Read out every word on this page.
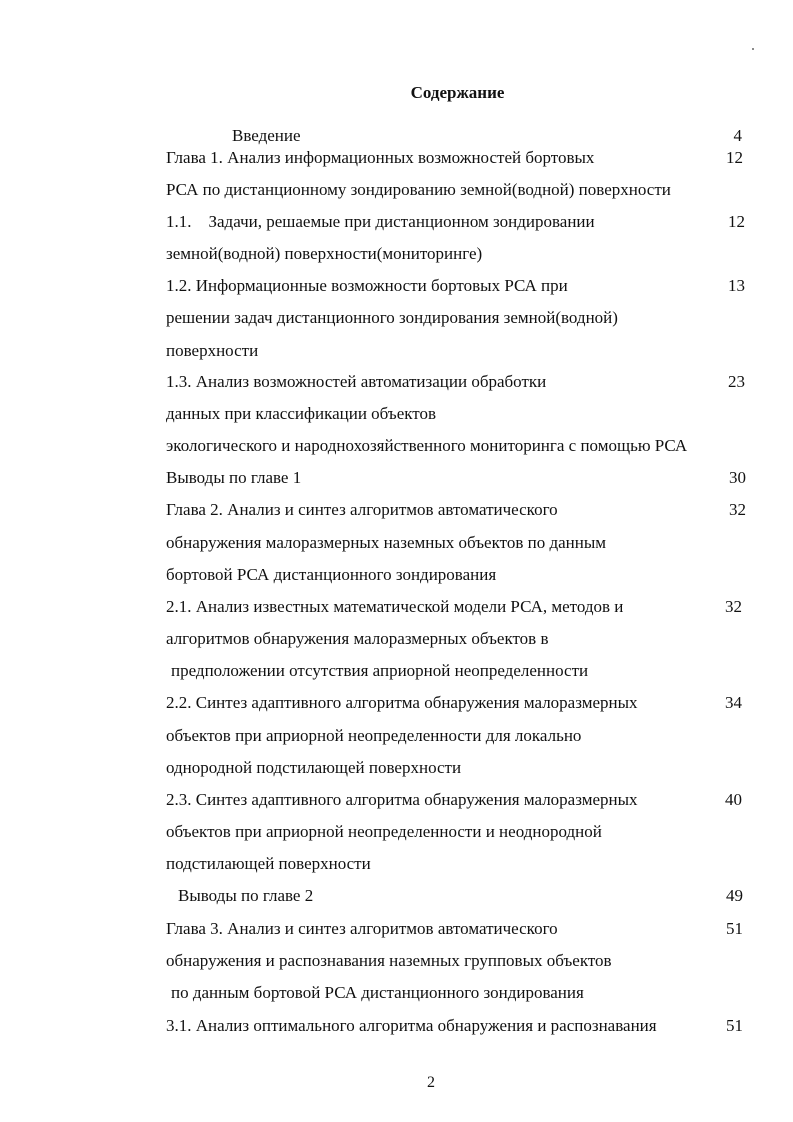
Содержание
Введение	4
Глава 1. Анализ информационных возможностей бортовых	12
РСА по дистанционному зондированию земной(водной) поверхности
1.1.    Задачи, решаемые при дистанционном зондировании	12
земной(водной) поверхности(мониторинге)
1.2. Информационные возможности бортовых РСА при	13
решении задач дистанционного зондирования земной(водной)
поверхности
1.3. Анализ возможностей автоматизации обработки	23
данных при классификации объектов
экологического и народнохозяйственного мониторинга с помощью РСА
Выводы по главе 1	30
Глава 2. Анализ и синтез алгоритмов автоматического	32
обнаружения малоразмерных наземных объектов по данным
бортовой РСА дистанционного зондирования
2.1. Анализ известных математической модели РСА, методов и	32
алгоритмов обнаружения малоразмерных объектов в
предположении отсутствия априорной неопределенности
2.2. Синтез адаптивного алгоритма обнаружения малоразмерных	34
объектов при априорной неопределенности для локально
однородной подстилающей поверхности
2.3. Синтез адаптивного алгоритма обнаружения малоразмерных	40
объектов при априорной неопределенности и неоднородной
подстилающей поверхности
Выводы по главе 2	49
Глава 3. Анализ и синтез алгоритмов автоматического	51
обнаружения и распознавания наземных групповых объектов
по данным бортовой РСА дистанционного зондирования
3.1. Анализ оптимального алгоритма обнаружения и распознавания	51
2
